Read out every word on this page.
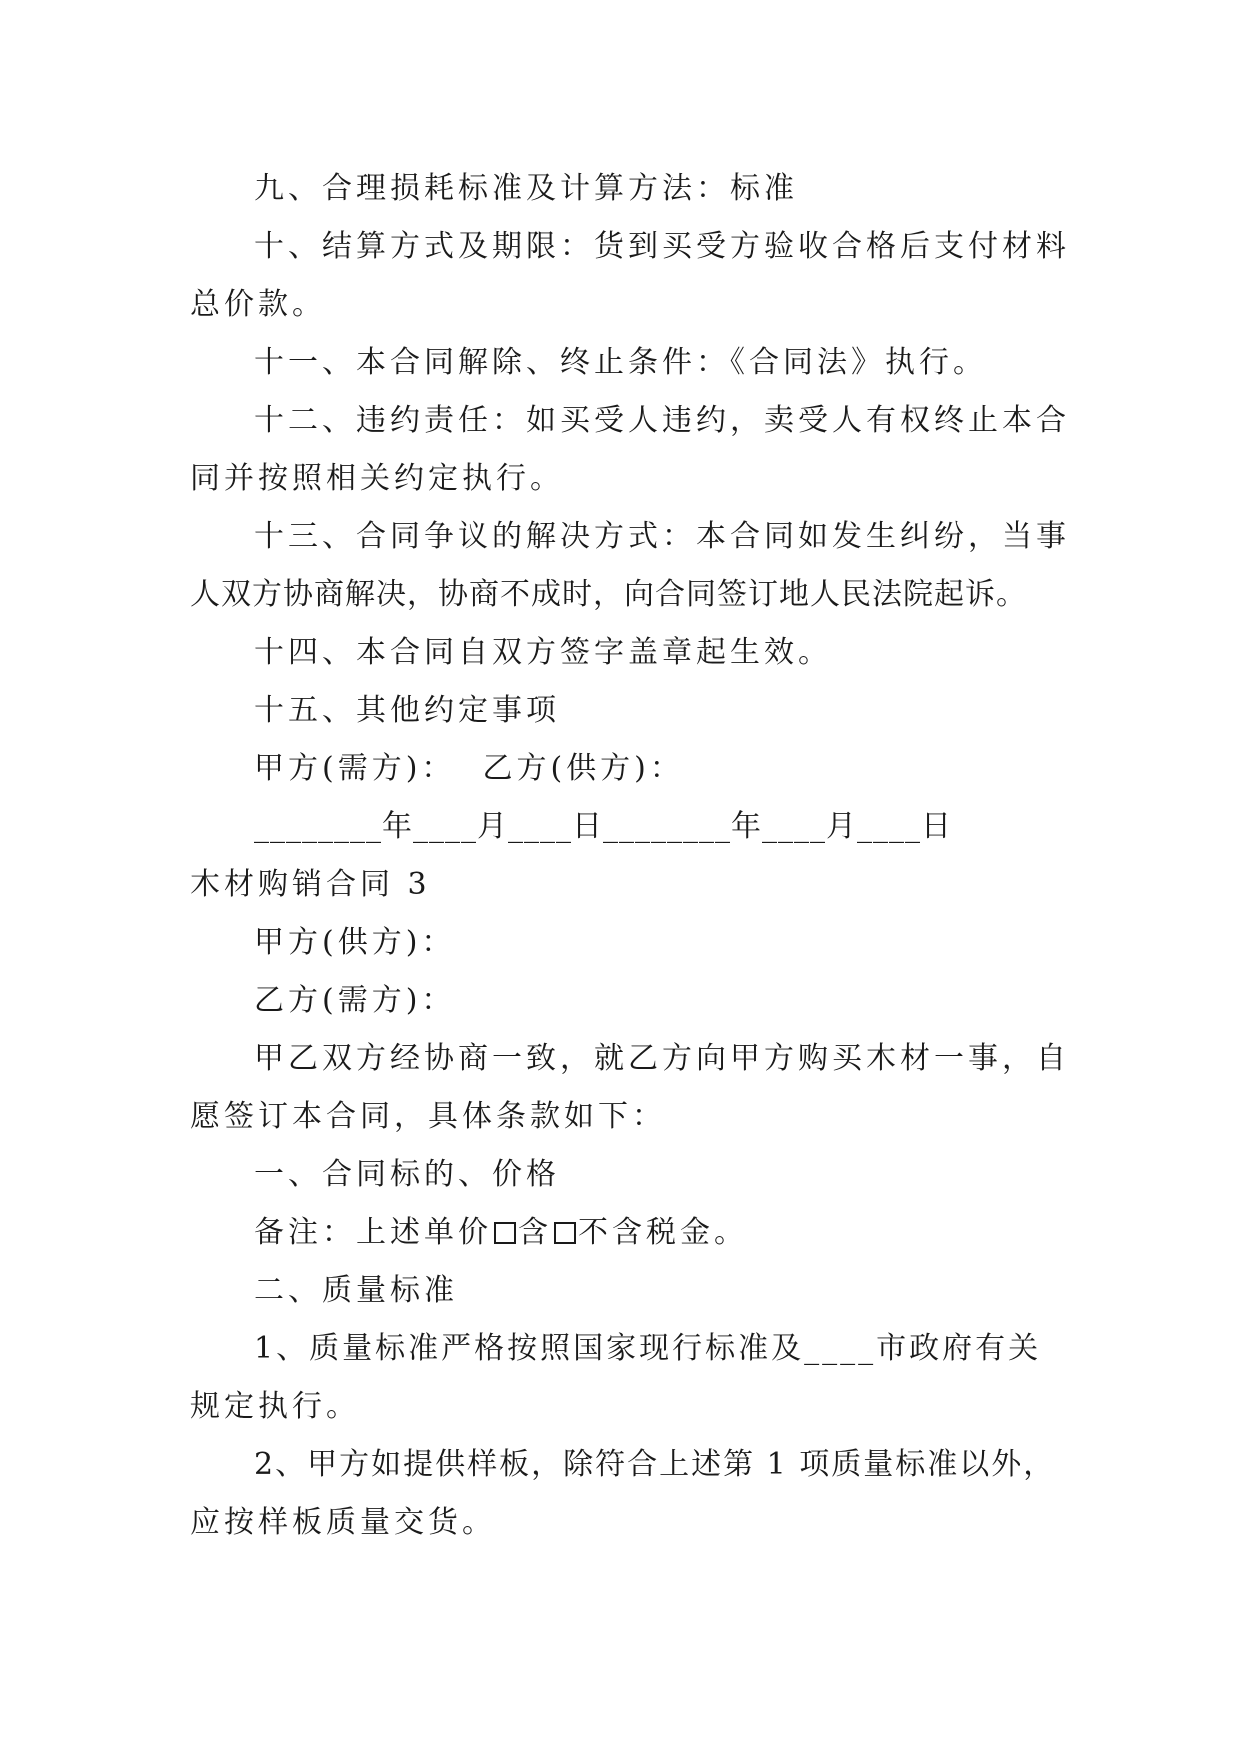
九、合理损耗标准及计算方法：标准
十、结算方式及期限：货到买受方验收合格后支付材料
总价款。
十一、本合同解除、终止条件：《合同法》执行。
十二、违约责任：如买受人违约，卖受人有权终止本合
同并按照相关约定执行。
十三、合同争议的解决方式：本合同如发生纠纷，当事
人双方协商解决，协商不成时，向合同签订地人民法院起诉。
十四、本合同自双方签字盖章起生效。
十五、其他约定事项
甲方(需方)：  乙方(供方)：
________年____月____日________年____月____日
木材购销合同 3
甲方(供方)：
乙方(需方)：
甲乙双方经协商一致，就乙方向甲方购买木材一事，自
愿签订本合同，具体条款如下：
一、合同标的、价格
备注：上述单价 含 不含税金。
二、质量标准
1、质量标准严格按照国家现行标准及____市政府有关
规定执行。
2、甲方如提供样板，除符合上述第 1 项质量标准以外，
应按样板质量交货。
